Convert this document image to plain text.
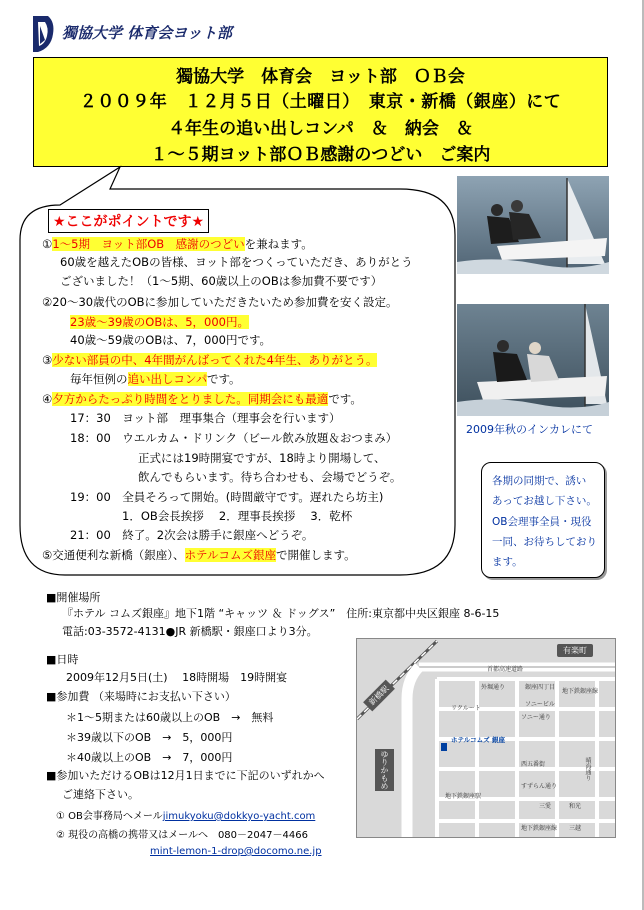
獨協大学 体育会ヨット部
獨協大学　体育会　ヨット部　ＯＢ会
２００９年　１２月５日（土曜日）　東京・新橋（銀座）にて
４年生の追い出しコンパ　＆　納会　＆
１～５期ヨット部ＯＢ感謝のつどい　ご案内
★ここがポイントです★
①1～5期　ヨット部OB　感謝のつどいを兼ねます。
60歳を越えたOBの皆様、ヨット部をつくっていただき、ありがとう
ございました！（1～5期、60歳以上のOBは参加費不要です）
②20～30歳代のOBに参加していただきたいため参加費を安く設定。
23歳～39歳のOBは、5，000円。
40歳～59歳のOBは、7，000円です。
③少ない部員の中、4年間がんばってくれた4年生、ありがとう。
毎年恒例の追い出しコンパです。
④夕方からたっぷり時間をとりました。同期会にも最適です。
17：30　ヨット部　理事集合（理事会を行います）
18：00　ウエルカム・ドリンク（ビール飲み放題＆おつまみ）
正式には19時開宴ですが、18時より開場して、
飲んでもらいます。待ち合わせも、会場でどうぞ。
19：00　全員そろって開始。(時間厳守です。遅れたら坊主)
1．OB会長挨拶　 2．理事長挨拶　 3．乾杯
21：00　終了。2次会は勝手に銀座へどうぞ。
⑤交通便利な新橋（銀座）、ホテルコムズ銀座で開催します。
2009年秋のインカレにて
各期の同期で、誘い
あってお越し下さい。
OB会理事全員・現役
一同、お待ちしており
ます。
■開催場所
『ホテル コムズ銀座』地下1階 “キャッツ ＆ ドッグス”　住所:東京都中央区銀座 8-6-15
電話:03-3572-4131●JR 新橋駅・銀座口より3分。
■日時
2009年12月5日(土)　 18時開場　19時開宴
■参加費 （来場時にお支払い下さい）
＊1～5期または60歳以上のOB　→　無料
＊39歳以下のOB　→　5，000円
＊40歳以上のOB　→　7，000円
■参加いただけるOBは12月1日までに下記のいずれかへ
ご連絡下さい。
① OB会事務局へメールjimukyoku@dokkyo-yacht.com
② 現役の高橋の携帯又はメールへ　080－2047－4466
mint-lemon-1-drop@docomo.ne.jp
有楽町
首都高速道路
新橋駅
ゆりかもめ
ホテルコムズ 銀座
外堀通り	銀座四丁目
地下鉄銀座線
ソニービル
リクルート
ソニー通り
西五番街
すずらん通り
三愛	和光
晴海通り
地下鉄銀座駅
三越
地下鉄銀座線
